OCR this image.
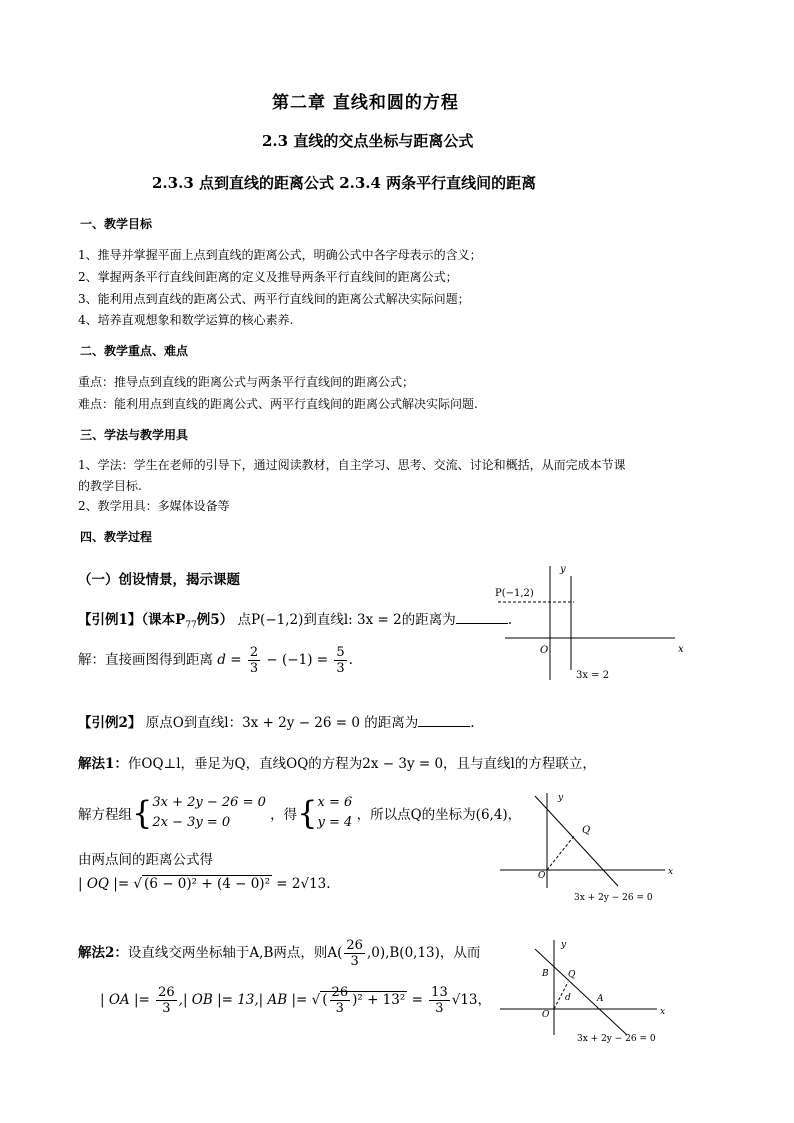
第二章 直线和圆的方程
2.3 直线的交点坐标与距离公式
2.3.3 点到直线的距离公式 2.3.4 两条平行直线间的距离
一、教学目标
1、推导并掌握平面上点到直线的距离公式，明确公式中各字母表示的含义；
2、掌握两条平行直线间距离的定义及推导两条平行直线间的距离公式；
3、能利用点到直线的距离公式、两平行直线间的距离公式解决实际问题；
4、培养直观想象和数学运算的核心素养.
二、教学重点、难点
重点：推导点到直线的距离公式与两条平行直线间的距离公式；
难点：能利用点到直线的距离公式、两平行直线间的距离公式解决实际问题.
三、学法与教学用具
1、学法：学生在老师的引导下，通过阅读教材，自主学习、思考、交流、讨论和概括，从而完成本节课
的教学目标.
2、教学用具：多媒体设备等
四、教学过程
（一）创设情景，揭示课题
【引例1】（课本$P_{77}$例5） 点P(−1,2)到直线l: 3x = 2的距离为	.
解：直接画图得到距离 $d = \frac{2}{3} - (-1) = \frac{5}{3}$ .
y
x
O
P(−1,2)
3x = 2
【引例2】 原点O到直线l：3x + 2y − 26 = 0 的距离为	.
解法1：作OQ⊥l，垂足为Q，直线OQ的方程为2x − 3y = 0，且与直线l的方程联立，
解方程组{ 3x + 2y − 26 = 0
2x − 3y = 0	，得{ x = 6
y = 4 ，所以点Q的坐标为(6,4)，
由两点间的距离公式得
| OQ |= √ (6 − 0)² + (4 − 0)² = 2√13.
y
x
O
Q
3x + 2y − 26 = 0
解法2：设直线交两坐标轴于A,B两点，则$A( \frac{26}{3} ,0),B(0,13)$，从而
| OA |= $\frac{26}{3}$ ,| OB |= 13,| AB |= √ ( $\frac{26}{3} )^2 + 13^2 = \frac{13}{3} √13$，
y
x
O
B Q
A
d
3x + 2y − 26 = 0
